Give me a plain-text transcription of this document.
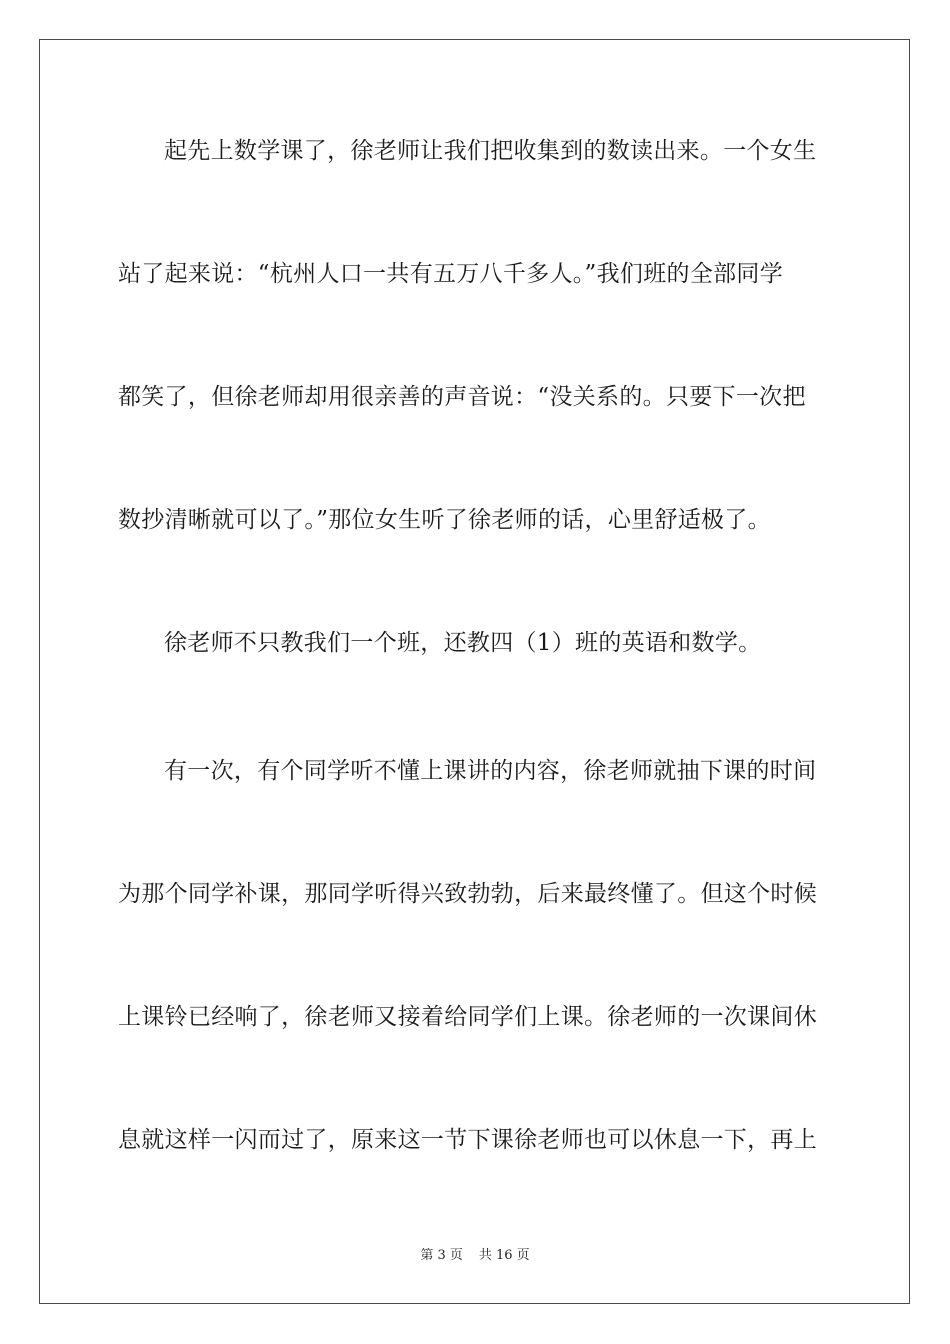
起先上数学课了，徐老师让我们把收集到的数读出来。一个女生
站了起来说：“杭州人口一共有五万八千多人。”我们班的全部同学
都笑了，但徐老师却用很亲善的声音说：“没关系的。只要下一次把
数抄清晰就可以了。”那位女生听了徐老师的话，心里舒适极了。
徐老师不只教我们一个班，还教四（1）班的英语和数学。
有一次，有个同学听不懂上课讲的内容，徐老师就抽下课的时间
为那个同学补课，那同学听得兴致勃勃，后来最终懂了。但这个时候
上课铃已经响了，徐老师又接着给同学们上课。徐老师的一次课间休
息就这样一闪而过了，原来这一节下课徐老师也可以休息一下，再上
第 3 页 共 16 页
